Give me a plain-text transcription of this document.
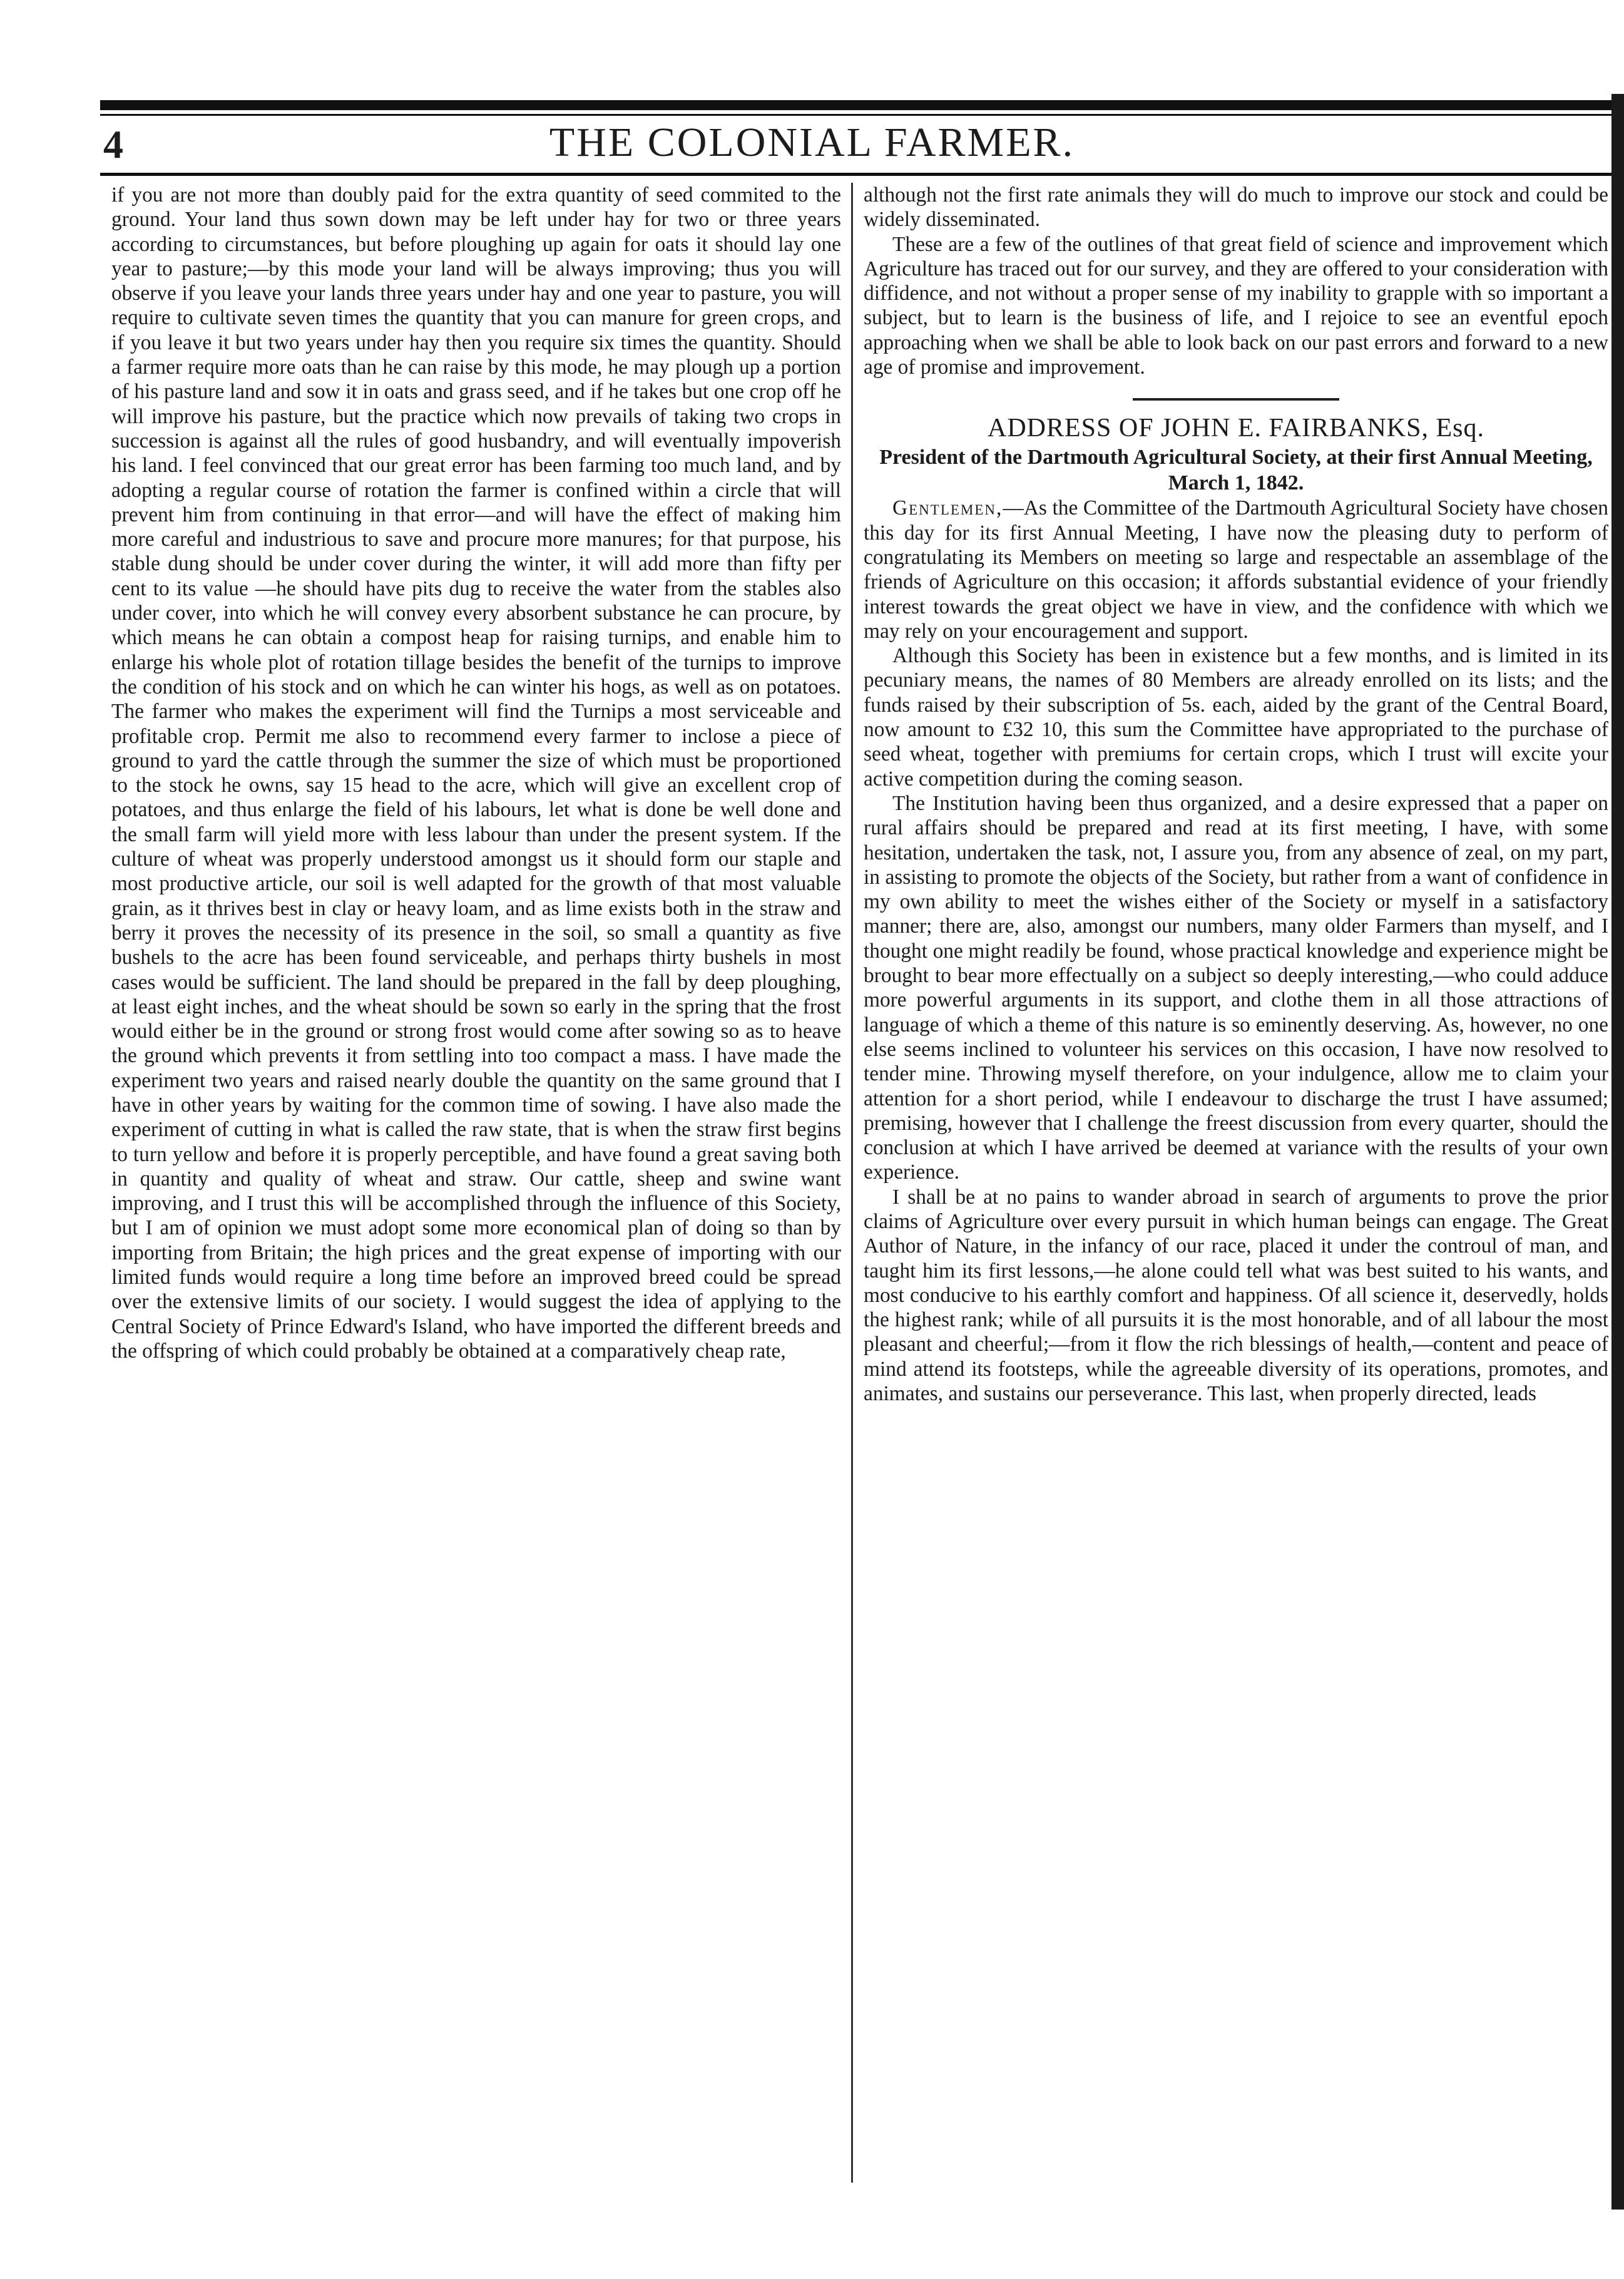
4	THE COLONIAL FARMER.

if you are not more than doubly paid for the extra quantity of seed commited to the ground. Your land thus sown down may be left under hay for two or three years according to circumstances, but before ploughing up again for oats it should lay one year to pasture;—by this mode your land will be always improving; thus you will observe if you leave your lands three years under hay and one year to pasture, you will require to cultivate seven times the quantity that you can manure for green crops, and if you leave it but two years under hay then you require six times the quantity. Should a farmer require more oats than he can raise by this mode, he may plough up a portion of his pasture land and sow it in oats and grass seed, and if he takes but one crop off he will improve his pasture, but the practice which now prevails of taking two crops in succession is against all the rules of good husbandry, and will eventually impoverish his land. I feel convinced that our great error has been farming too much land, and by adopting a regular course of rotation the farmer is confined within a circle that will prevent him from continuing in that error—and will have the effect of making him more careful and industrious to save and procure more manures; for that purpose, his stable dung should be under cover during the winter, it will add more than fifty per cent to its value —he should have pits dug to receive the water from the stables also under cover, into which he will convey every absorbent substance he can procure, by which means he can obtain a compost heap for raising turnips, and enable him to enlarge his whole plot of rotation tillage besides the benefit of the turnips to improve the condition of his stock and on which he can winter his hogs, as well as on potatoes. The farmer who makes the experiment will find the Turnips a most serviceable and profitable crop. Permit me also to recommend every farmer to inclose a piece of ground to yard the cattle through the summer the size of which must be proportioned to the stock he owns, say 15 head to the acre, which will give an excellent crop of potatoes, and thus enlarge the field of his labours, let what is done be well done and the small farm will yield more with less labour than under the present system. If the culture of wheat was properly understood amongst us it should form our staple and most productive article, our soil is well adapted for the growth of that most valuable grain, as it thrives best in clay or heavy loam, and as lime exists both in the straw and berry it proves the necessity of its presence in the soil, so small a quantity as five bushels to the acre has been found serviceable, and perhaps thirty bushels in most cases would be sufficient. The land should be prepared in the fall by deep ploughing, at least eight inches, and the wheat should be sown so early in the spring that the frost would either be in the ground or strong frost would come after sowing so as to heave the ground which prevents it from settling into too compact a mass. I have made the experiment two years and raised nearly double the quantity on the same ground that I have in other years by waiting for the common time of sowing. I have also made the experiment of cutting in what is called the raw state, that is when the straw first begins to turn yellow and before it is properly perceptible, and have found a great saving both in quantity and quality of wheat and straw. Our cattle, sheep and swine want improving, and I trust this will be accomplished through the influence of this Society, but I am of opinion we must adopt some more economical plan of doing so than by importing from Britain; the high prices and the great expense of importing with our limited funds would require a long time before an improved breed could be spread over the extensive limits of our society. I would suggest the idea of applying to the Central Society of Prince Edward's Island, who have imported the different breeds and the offspring of which could probably be obtained at a comparatively cheap rate,

although not the first rate animals they will do much to improve our stock and could be widely disseminated.

These are a few of the outlines of that great field of science and improvement which Agriculture has traced out for our survey, and they are offered to your consideration with diffidence, and not without a proper sense of my inability to grapple with so important a subject, but to learn is the business of life, and I rejoice to see an eventful epoch approaching when we shall be able to look back on our past errors and forward to a new age of promise and improvement.

ADDRESS OF JOHN E. FAIRBANKS, Esq.

President of the Dartmouth Agricultural Society, at their first Annual Meeting, March 1, 1842.

Gentlemen,—As the Committee of the Dartmouth Agricultural Society have chosen this day for its first Annual Meeting, I have now the pleasing duty to perform of congratulating its Members on meeting so large and respectable an assemblage of the friends of Agriculture on this occasion; it affords substantial evidence of your friendly interest towards the great object we have in view, and the confidence with which we may rely on your encouragement and support.

Although this Society has been in existence but a few months, and is limited in its pecuniary means, the names of 80 Members are already enrolled on its lists; and the funds raised by their subscription of 5s. each, aided by the grant of the Central Board, now amount to £32 10, this sum the Committee have appropriated to the purchase of seed wheat, together with premiums for certain crops, which I trust will excite your active competition during the coming season.

The Institution having been thus organized, and a desire expressed that a paper on rural affairs should be prepared and read at its first meeting, I have, with some hesitation, undertaken the task, not, I assure you, from any absence of zeal, on my part, in assisting to promote the objects of the Society, but rather from a want of confidence in my own ability to meet the wishes either of the Society or myself in a satisfactory manner; there are, also, amongst our numbers, many older Farmers than myself, and I thought one might readily be found, whose practical knowledge and experience might be brought to bear more effectually on a subject so deeply interesting,—who could adduce more powerful arguments in its support, and clothe them in all those attractions of language of which a theme of this nature is so eminently deserving. As, however, no one else seems inclined to volunteer his services on this occasion, I have now resolved to tender mine. Throwing myself therefore, on your indulgence, allow me to claim your attention for a short period, while I endeavour to discharge the trust I have assumed; premising, however that I challenge the freest discussion from every quarter, should the conclusion at which I have arrived be deemed at variance with the results of your own experience.

I shall be at no pains to wander abroad in search of arguments to prove the prior claims of Agriculture over every pursuit in which human beings can engage. The Great Author of Nature, in the infancy of our race, placed it under the controul of man, and taught him its first lessons,—he alone could tell what was best suited to his wants, and most conducive to his earthly comfort and happiness. Of all science it, deservedly, holds the highest rank; while of all pursuits it is the most honorable, and of all labour the most pleasant and cheerful;—from it flow the rich blessings of health,—content and peace of mind attend its footsteps, while the agreeable diversity of its operations, promotes, and animates, and sustains our perseverance. This last, when properly directed, leads
